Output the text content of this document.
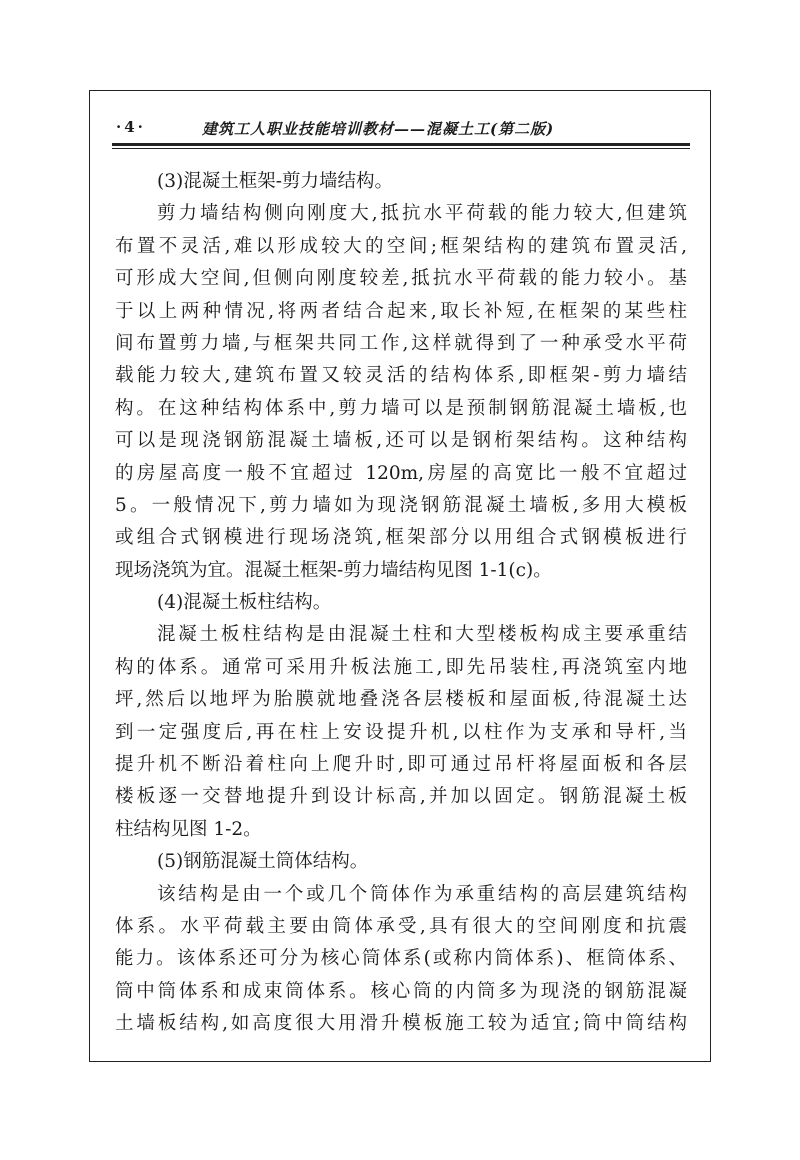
·4·	建筑工人职业技能培训教材——混凝土工(第二版)
(3)混凝土框架-剪力墙结构。
剪力墙结构侧向刚度大,抵抗水平荷载的能力较大,但建筑
布置不灵活,难以形成较大的空间;框架结构的建筑布置灵活,
可形成大空间,但侧向刚度较差,抵抗水平荷载的能力较小。基
于以上两种情况,将两者结合起来,取长补短,在框架的某些柱
间布置剪力墙,与框架共同工作,这样就得到了一种承受水平荷
载能力较大,建筑布置又较灵活的结构体系,即框架-剪力墙结
构。在这种结构体系中,剪力墙可以是预制钢筋混凝土墙板,也
可以是现浇钢筋混凝土墙板,还可以是钢桁架结构。这种结构
的房屋高度一般不宜超过 120m,房屋的高宽比一般不宜超过
5。一般情况下,剪力墙如为现浇钢筋混凝土墙板,多用大模板
或组合式钢模进行现场浇筑,框架部分以用组合式钢模板进行
现场浇筑为宜。混凝土框架-剪力墙结构见图 1-1(c)。
(4)混凝土板柱结构。
混凝土板柱结构是由混凝土柱和大型楼板构成主要承重结
构的体系。通常可采用升板法施工,即先吊装柱,再浇筑室内地
坪,然后以地坪为胎膜就地叠浇各层楼板和屋面板,待混凝土达
到一定强度后,再在柱上安设提升机,以柱作为支承和导杆,当
提升机不断沿着柱向上爬升时,即可通过吊杆将屋面板和各层
楼板逐一交替地提升到设计标高,并加以固定。钢筋混凝土板
柱结构见图 1-2。
(5)钢筋混凝土筒体结构。
该结构是由一个或几个筒体作为承重结构的高层建筑结构
体系。水平荷载主要由筒体承受,具有很大的空间刚度和抗震
能力。该体系还可分为核心筒体系(或称内筒体系)、框筒体系、
筒中筒体系和成束筒体系。核心筒的内筒多为现浇的钢筋混凝
土墙板结构,如高度很大用滑升模板施工较为适宜;筒中筒结构
